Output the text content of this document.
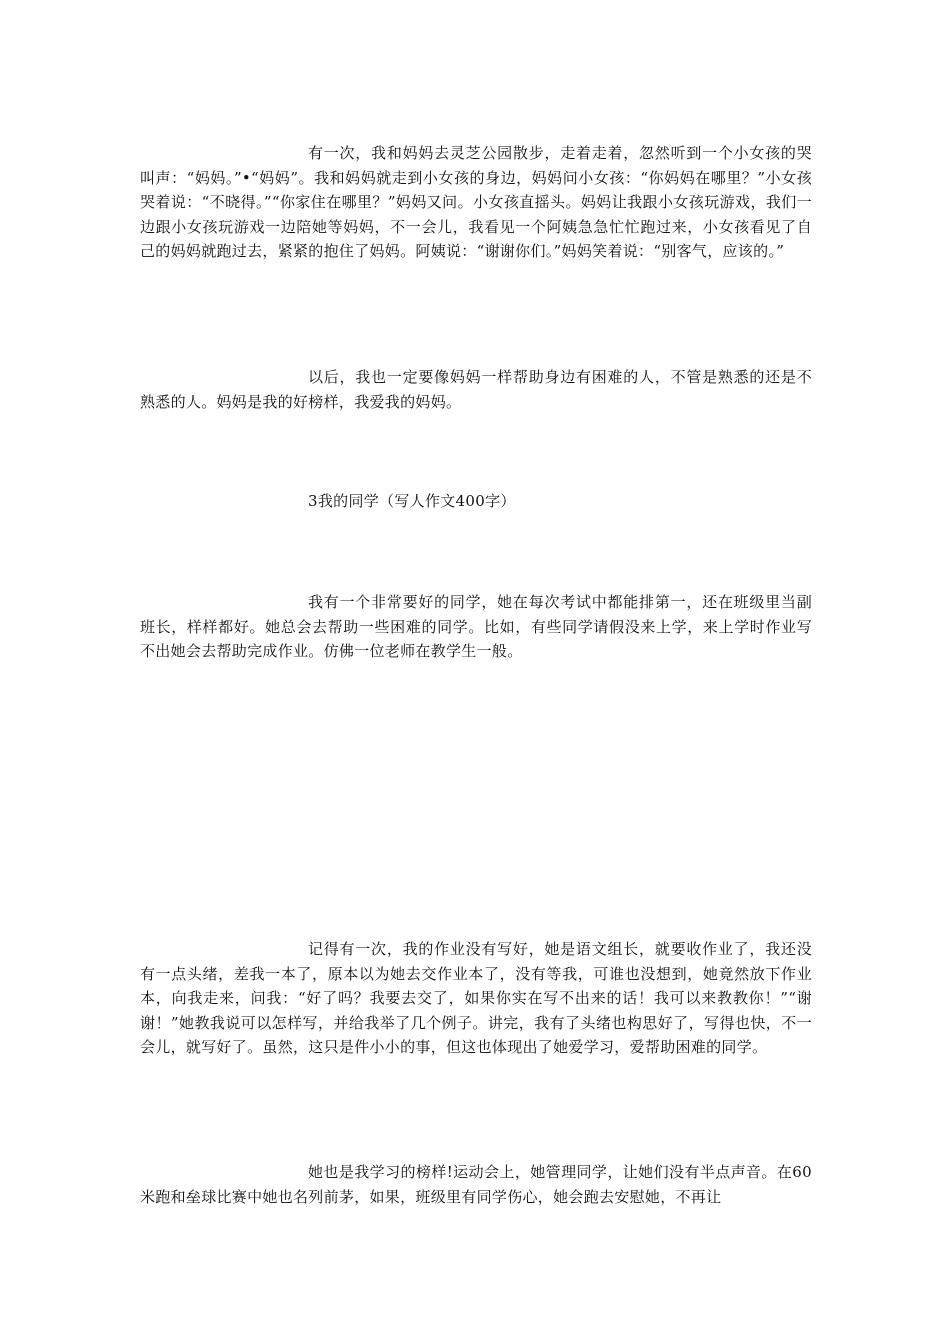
有一次，我和妈妈去灵芝公园散步，走着走着，忽然听到一个小女孩的哭叫声：“妈妈。”•“妈妈”。我和妈妈就走到小女孩的身边，妈妈问小女孩：“你妈妈在哪里？”小女孩哭着说：“不晓得。”“你家住在哪里？”妈妈又问。小女孩直摇头。妈妈让我跟小女孩玩游戏，我们一边跟小女孩玩游戏一边陪她等妈妈，不一会儿，我看见一个阿姨急急忙忙跑过来，小女孩看见了自己的妈妈就跑过去，紧紧的抱住了妈妈。阿姨说：“谢谢你们。”妈妈笑着说：“别客气，应该的。”

以后，我也一定要像妈妈一样帮助身边有困难的人，不管是熟悉的还是不熟悉的人。妈妈是我的好榜样，我爱我的妈妈。

3我的同学（写人作文400字）

我有一个非常要好的同学，她在每次考试中都能排第一，还在班级里当副班长，样样都好。她总会去帮助一些困难的同学。比如，有些同学请假没来上学，来上学时作业写不出她会去帮助完成作业。仿佛一位老师在教学生一般。

记得有一次，我的作业没有写好，她是语文组长，就要收作业了，我还没有一点头绪，差我一本了，原本以为她去交作业本了，没有等我，可谁也没想到，她竟然放下作业本，向我走来，问我：“好了吗？我要去交了，如果你实在写不出来的话！我可以来教教你！”“谢谢！”她教我说可以怎样写，并给我举了几个例子。讲完，我有了头绪也构思好了，写得也快，不一会儿，就写好了。虽然，这只是件小小的事，但这也体现出了她爱学习，爱帮助困难的同学。

她也是我学习的榜样!运动会上，她管理同学，让她们没有半点声音。在60米跑和垒球比赛中她也名列前茅，如果，班级里有同学伤心，她会跑去安慰她，不再让
